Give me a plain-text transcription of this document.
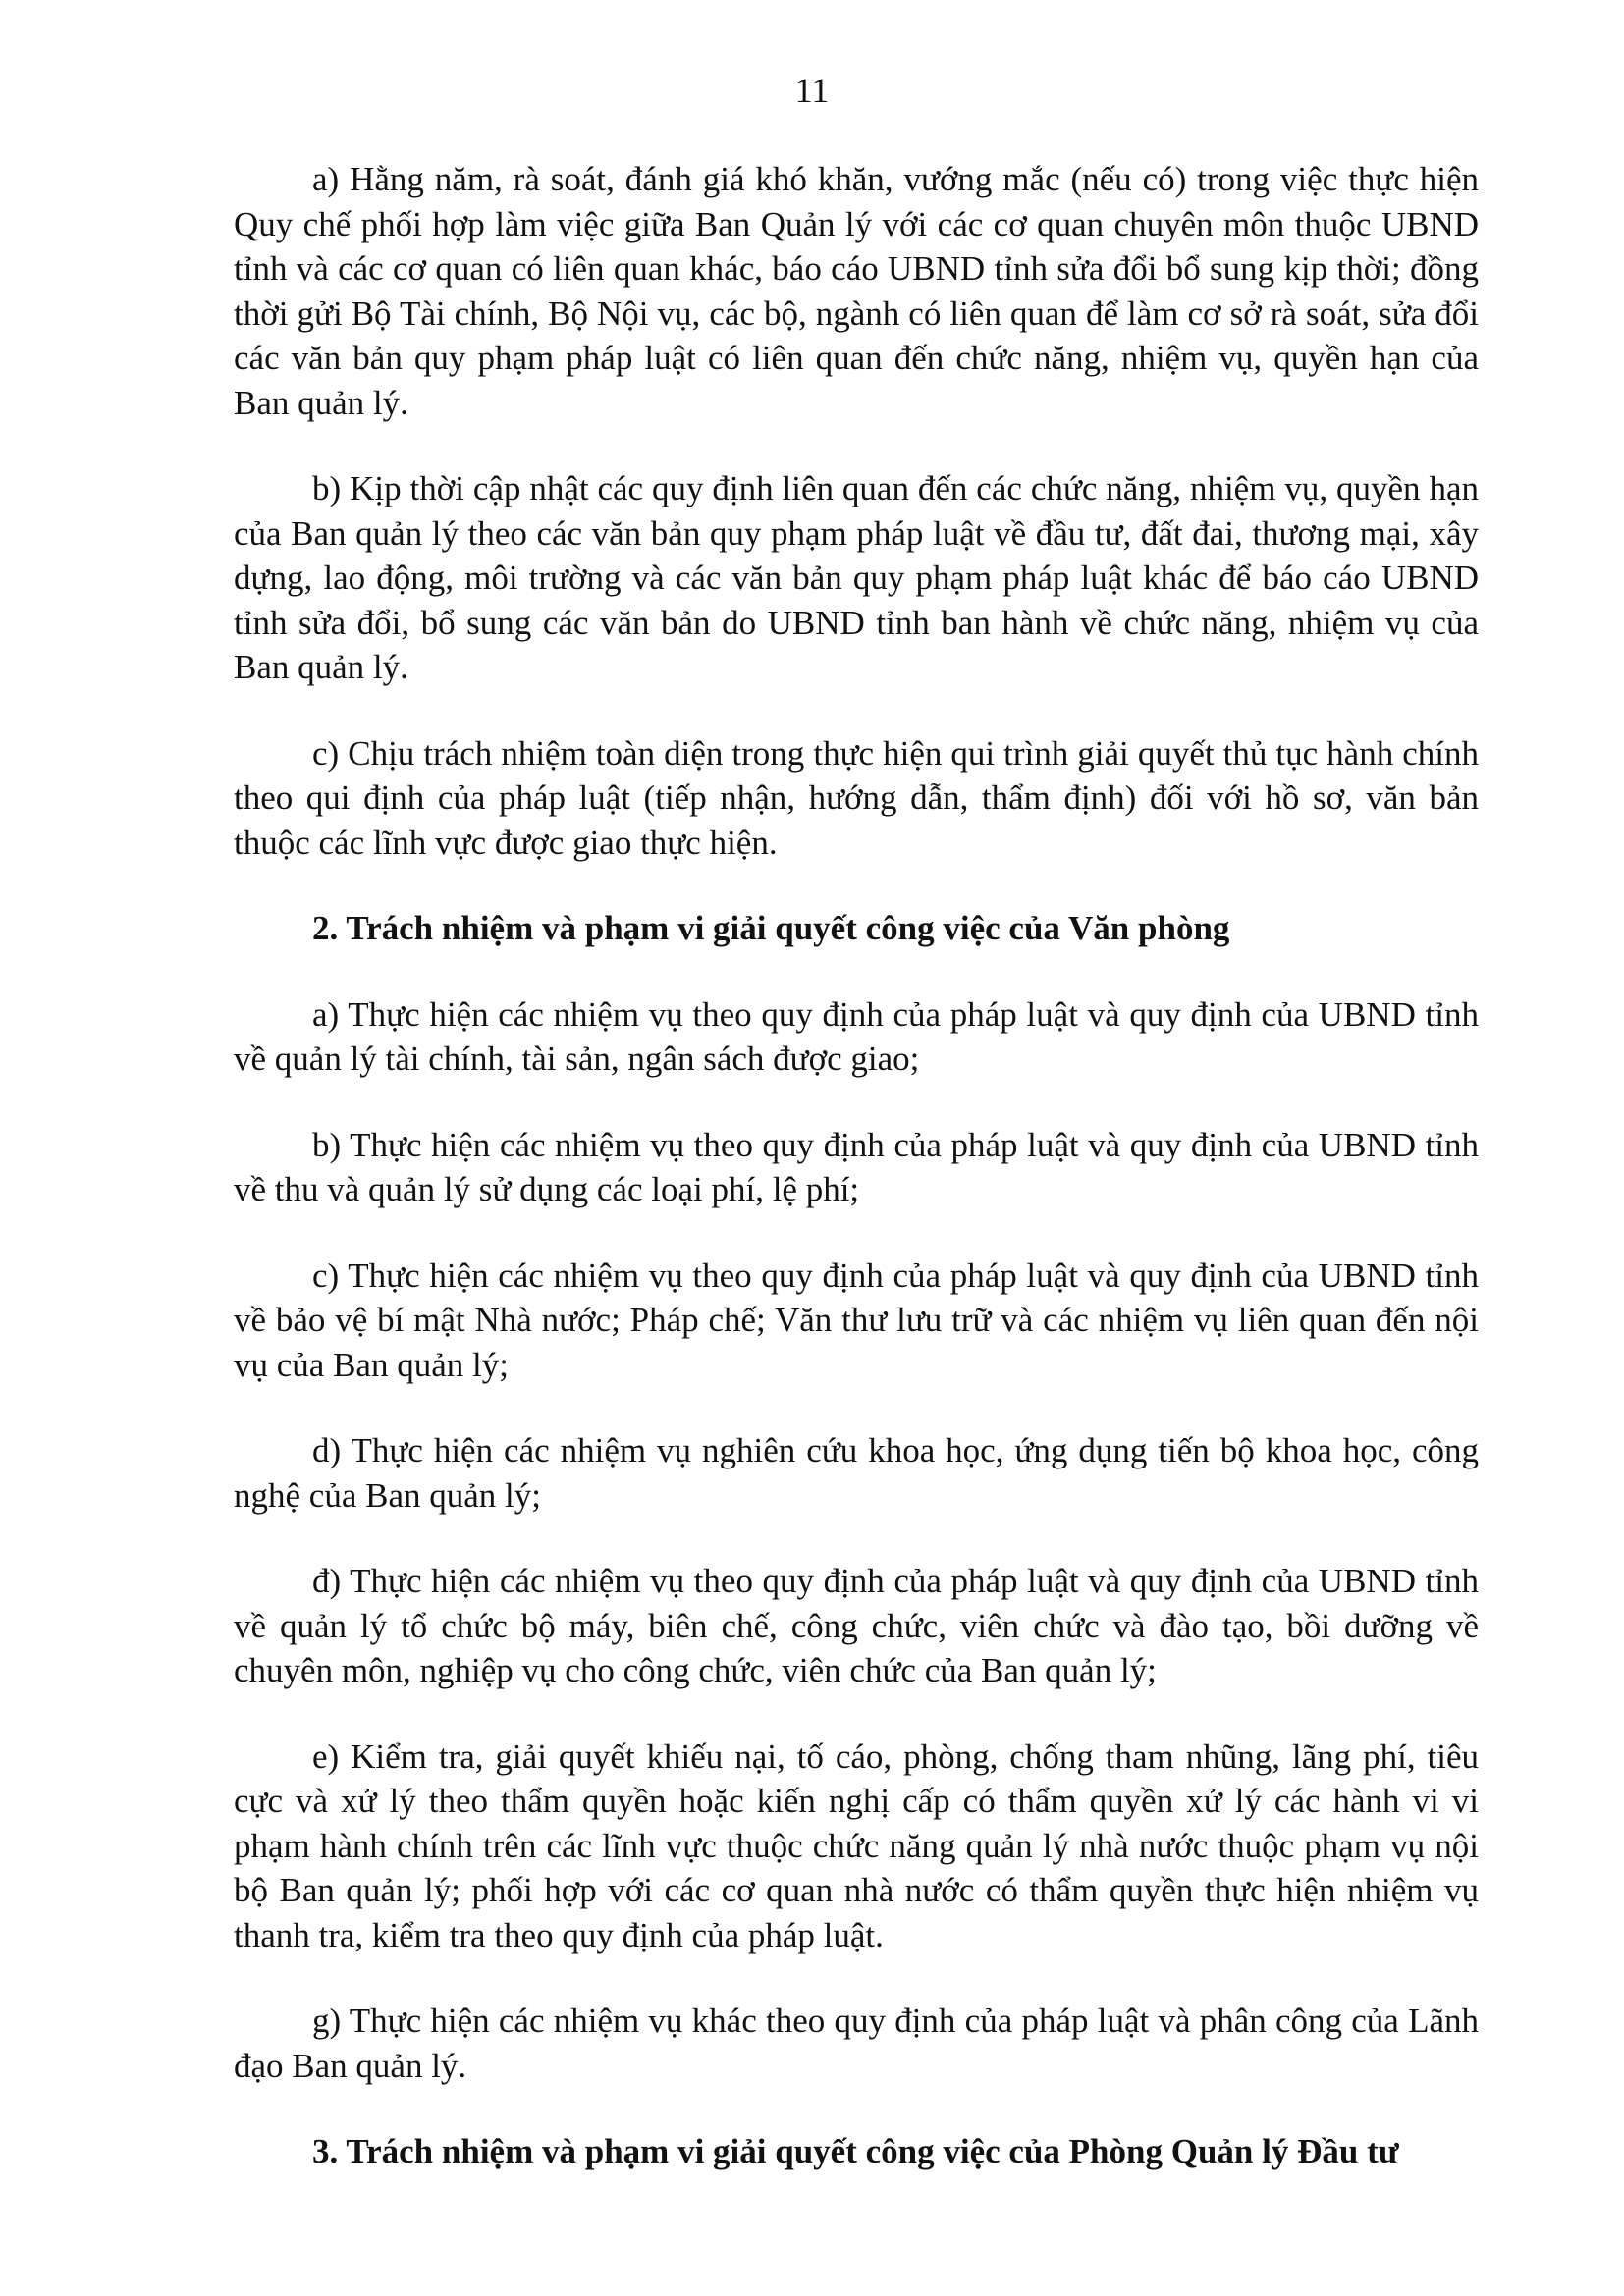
11

a) Hằng năm, rà soát, đánh giá khó khăn, vướng mắc (nếu có) trong việc thực hiện Quy chế phối hợp làm việc giữa Ban Quản lý với các cơ quan chuyên môn thuộc UBND tỉnh và các cơ quan có liên quan khác, báo cáo UBND tỉnh sửa đổi bổ sung kịp thời; đồng thời gửi Bộ Tài chính, Bộ Nội vụ, các bộ, ngành có liên quan để làm cơ sở rà soát, sửa đổi các văn bản quy phạm pháp luật có liên quan đến chức năng, nhiệm vụ, quyền hạn của Ban quản lý.

b) Kịp thời cập nhật các quy định liên quan đến các chức năng, nhiệm vụ, quyền hạn của Ban quản lý theo các văn bản quy phạm pháp luật về đầu tư, đất đai, thương mại, xây dựng, lao động, môi trường và các văn bản quy phạm pháp luật khác để báo cáo UBND tỉnh sửa đổi, bổ sung các văn bản do UBND tỉnh ban hành về chức năng, nhiệm vụ của Ban quản lý.

c) Chịu trách nhiệm toàn diện trong thực hiện qui trình giải quyết thủ tục hành chính theo qui định của pháp luật (tiếp nhận, hướng dẫn, thẩm định) đối với hồ sơ, văn bản thuộc các lĩnh vực được giao thực hiện.

2. Trách nhiệm và phạm vi giải quyết công việc của Văn phòng

a) Thực hiện các nhiệm vụ theo quy định của pháp luật và quy định của UBND tỉnh về quản lý tài chính, tài sản, ngân sách được giao;

b) Thực hiện các nhiệm vụ theo quy định của pháp luật và quy định của UBND tỉnh về thu và quản lý sử dụng các loại phí, lệ phí;

c) Thực hiện các nhiệm vụ theo quy định của pháp luật và quy định của UBND tỉnh về bảo vệ bí mật Nhà nước; Pháp chế; Văn thư lưu trữ và các nhiệm vụ liên quan đến nội vụ của Ban quản lý;

d) Thực hiện các nhiệm vụ nghiên cứu khoa học, ứng dụng tiến bộ khoa học, công nghệ của Ban quản lý;

đ) Thực hiện các nhiệm vụ theo quy định của pháp luật và quy định của UBND tỉnh về quản lý tổ chức bộ máy, biên chế, công chức, viên chức và đào tạo, bồi dưỡng về chuyên môn, nghiệp vụ cho công chức, viên chức của Ban quản lý;

e) Kiểm tra, giải quyết khiếu nại, tố cáo, phòng, chống tham nhũng, lãng phí, tiêu cực và xử lý theo thẩm quyền hoặc kiến nghị cấp có thẩm quyền xử lý các hành vi vi phạm hành chính trên các lĩnh vực thuộc chức năng quản lý nhà nước thuộc phạm vụ nội bộ Ban quản lý; phối hợp với các cơ quan nhà nước có thẩm quyền thực hiện nhiệm vụ thanh tra, kiểm tra theo quy định của pháp luật.

g) Thực hiện các nhiệm vụ khác theo quy định của pháp luật và phân công của Lãnh đạo Ban quản lý.

3. Trách nhiệm và phạm vi giải quyết công việc của Phòng Quản lý Đầu tư
